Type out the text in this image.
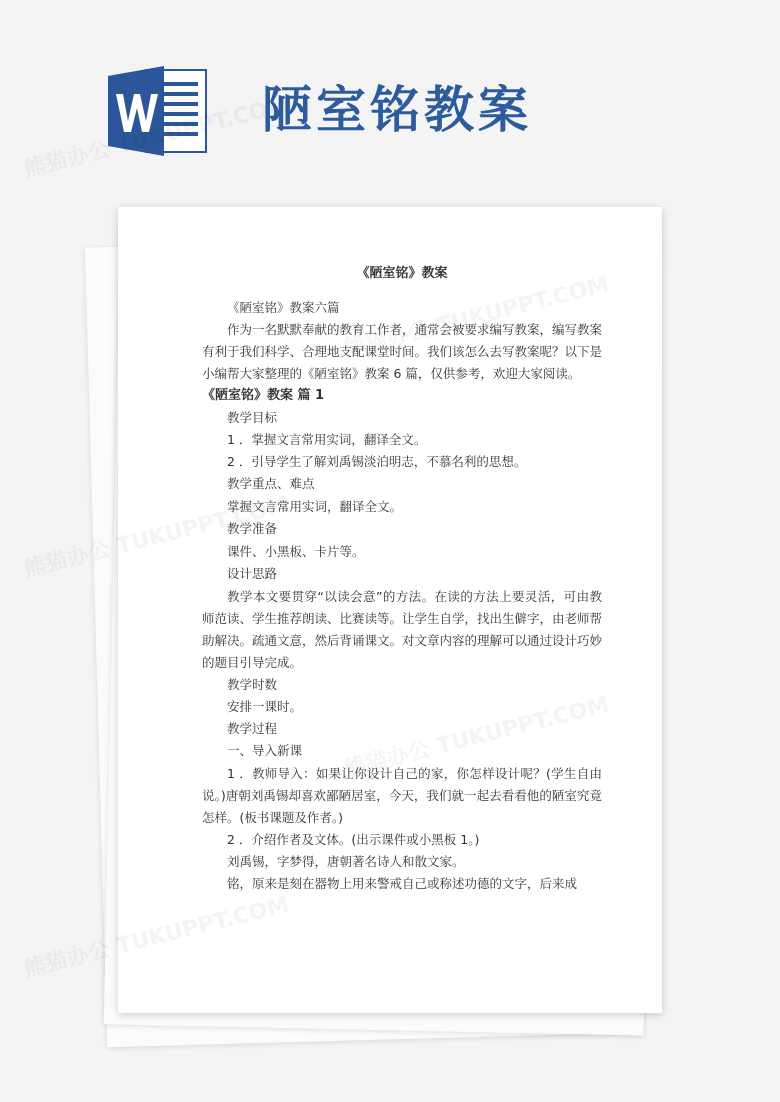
陋室铭教案

《陋室铭》教案

《陋室铭》教案六篇

作为一名默默奉献的教育工作者，通常会被要求编写教案，编写教案有利于我们科学、合理地支配课堂时间。我们该怎么去写教案呢？以下是小编帮大家整理的《陋室铭》教案 6 篇，仅供参考，欢迎大家阅读。

《陋室铭》教案 篇 1

教学目标

1 ．掌握文言常用实词，翻译全文。

2 ．引导学生了解刘禹锡淡泊明志，不慕名利的思想。

教学重点、难点

掌握文言常用实词，翻译全文。

教学准备

课件、小黑板、卡片等。

设计思路

教学本文要贯穿“以读会意”的方法。在读的方法上要灵活，可由教师范读、学生推荐朗读、比赛读等。让学生自学，找出生僻字，由老师帮助解决。疏通文意，然后背诵课文。对文章内容的理解可以通过设计巧妙的题目引导完成。

教学时数

安排一课时。

教学过程

一、导入新课

1 ．教师导入：如果让你设计自己的家，你怎样设计呢？(学生自由说。)唐朝刘禹锡却喜欢鄙陋居室，今天，我们就一起去看看他的陋室究竟怎样。(板书课题及作者。)

2 ．介绍作者及文体。(出示课件或小黑板 1。)

刘禹锡，字梦得，唐朝著名诗人和散文家。

铭，原来是刻在器物上用来警戒自己或称述功德的文字，后来成
